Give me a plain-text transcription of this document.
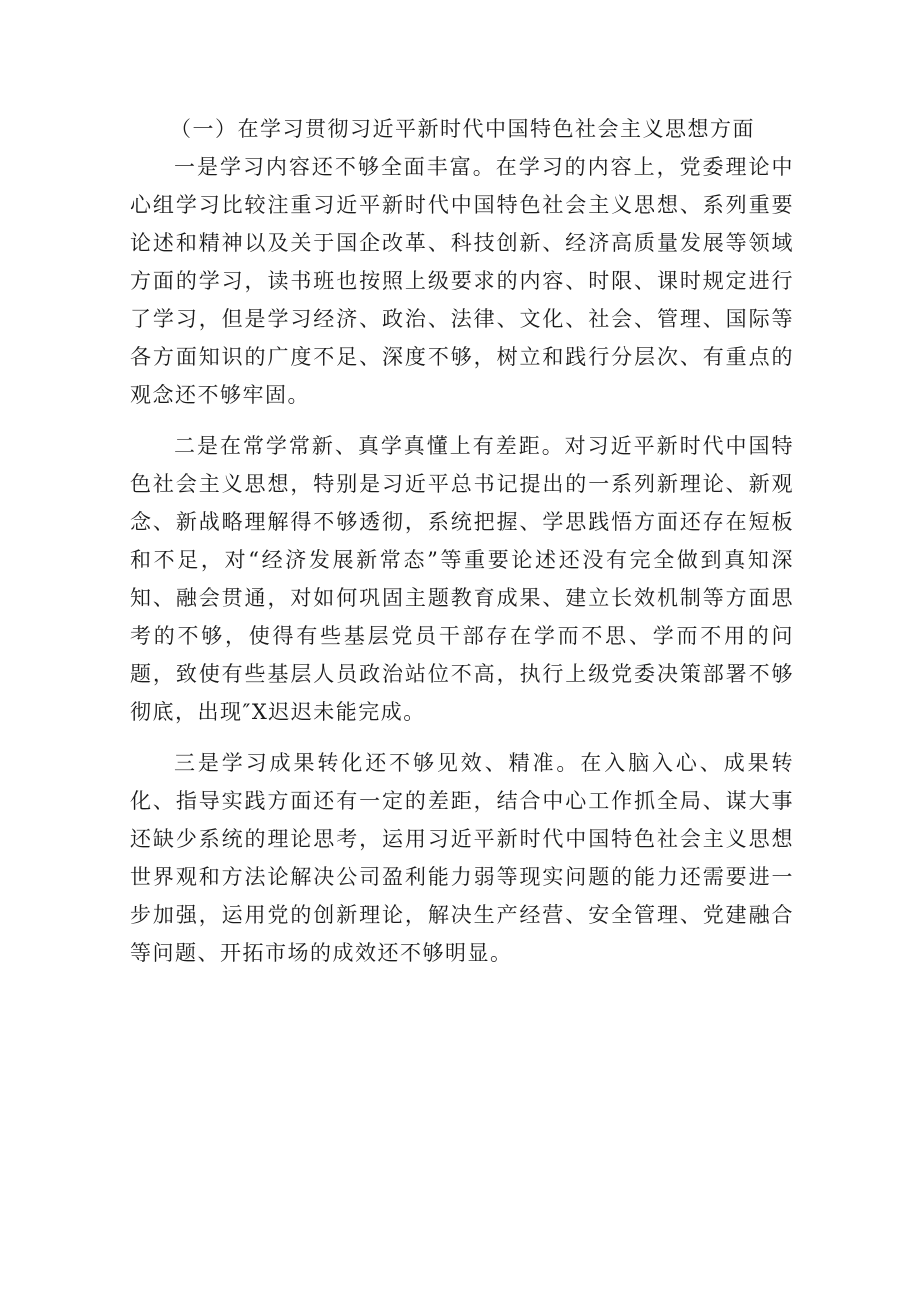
（一）在学习贯彻习近平新时代中国特色社会主义思想方面

一是学习内容还不够全面丰富。在学习的内容上，党委理论中心组学习比较注重习近平新时代中国特色社会主义思想、系列重要论述和精神以及关于国企改革、科技创新、经济高质量发展等领域方面的学习，读书班也按照上级要求的内容、时限、课时规定进行了学习，但是学习经济、政治、法律、文化、社会、管理、国际等各方面知识的广度不足、深度不够，树立和践行分层次、有重点的观念还不够牢固。

二是在常学常新、真学真懂上有差距。对习近平新时代中国特色社会主义思想，特别是习近平总书记提出的一系列新理论、新观念、新战略理解得不够透彻，系统把握、学思践悟方面还存在短板和不足，对“经济发展新常态”等重要论述还没有完全做到真知深知、融会贯通，对如何巩固主题教育成果、建立长效机制等方面思考的不够，使得有些基层党员干部存在学而不思、学而不用的问题，致使有些基层人员政治站位不高，执行上级党委决策部署不够彻底，出现″X迟迟未能完成。

三是学习成果转化还不够见效、精准。在入脑入心、成果转化、指导实践方面还有一定的差距，结合中心工作抓全局、谋大事还缺少系统的理论思考，运用习近平新时代中国特色社会主义思想世界观和方法论解决公司盈利能力弱等现实问题的能力还需要进一步加强，运用党的创新理论，解决生产经营、安全管理、党建融合等问题、开拓市场的成效还不够明显。
